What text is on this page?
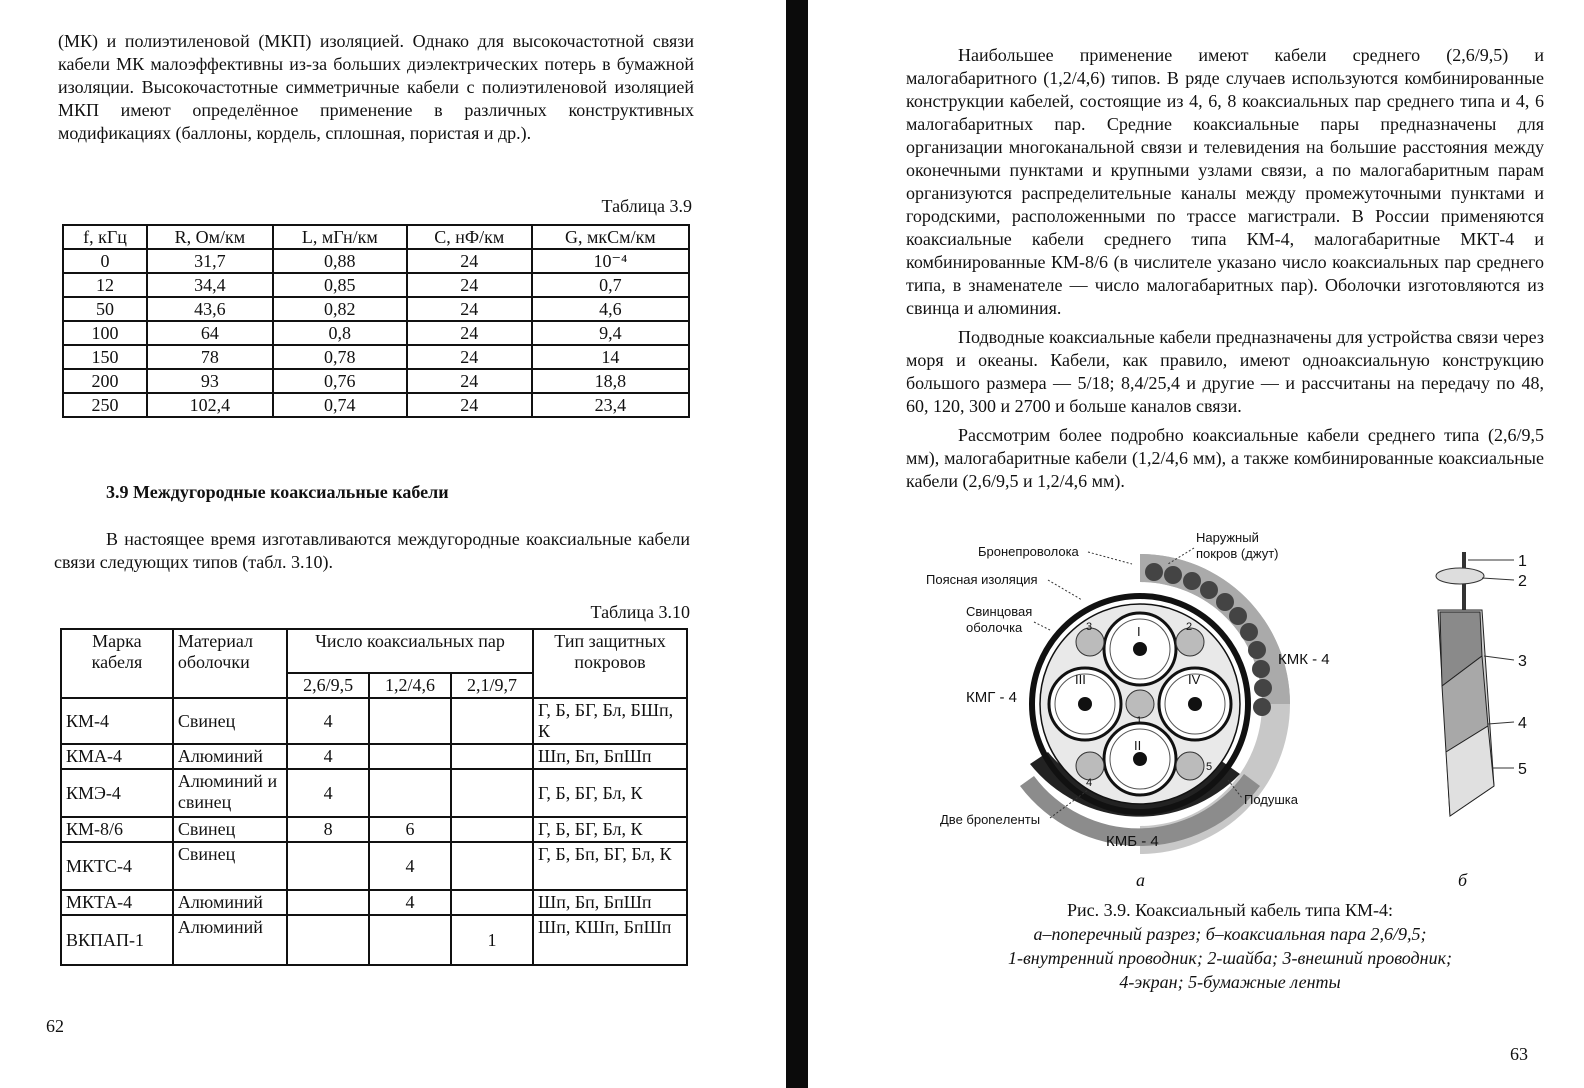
(МК) и полиэтиленовой (МКП) изоляцией. Однако для высокочастотной связи кабели МК малоэффективны из-за больших диэлектрических потерь в бумажной изоляции. Высокочастотные симметричные кабели с полиэтиленовой изоляцией МКП имеют определённое применение в различных конструктивных модификациях (баллоны, кордель, сплошная, пористая и др.).

Таблица 3.9
f, кГц	R, Ом/км	L, мГн/км	C, нФ/км	G, мкСм/км
0	31,7	0,88	24	10⁻⁴
12	34,4	0,85	24	0,7
50	43,6	0,82	24	4,6
100	64	0,8	24	9,4
150	78	0,78	24	14
200	93	0,76	24	18,8
250	102,4	0,74	24	23,4
3.9 Междугородные коаксиальные кабели

В настоящее время изготавливаются междугородные коаксиальные кабели связи следующих типов (табл. 3.10).

Таблица 3.10
Марка кабеля	Материал оболочки	Число коаксиальных пар			Тип защитных покровов
		2,6/9,5	1,2/4,6	2,1/9,7	
КМ-4	Свинец	4			Г, Б, БГ, Бл, БШп, К
КМА-4	Алюминий	4			Шп, Бп, БпШп
КМЭ-4	Алюминий и свинец	4			Г, Б, БГ, Бл, К
КМ-8/6	Свинец	8	6		Г, Б, БГ, Бл, К
МКТС-4	Свинец		4		Г, Б, Бп, БГ, Бл, К
МКТА-4	Алюминий		4		Шп, Бп, БпШп
ВКПАП-1	Алюминий			1	Шп, КШп, БпШп
62

Наибольшее применение имеют кабели среднего (2,6/9,5) и малогабаритного (1,2/4,6) типов. В ряде случаев используются комбинированные конструкции кабелей, состоящие из 4, 6, 8 коаксиальных пар среднего типа и 4, 6 малогабаритных пар. Средние коаксиальные пары предназначены для организации многоканальной связи и телевидения на большие расстояния между оконечными пунктами и крупными узлами связи, а по малогабаритным парам организуются распределительные каналы между промежуточными пунктами и городскими, расположенными по трассе магистрали. В России применяются коаксиальные кабели среднего типа КМ-4, малогабаритные МКТ-4 и комбинированные КМ-8/6 (в числителе указано число коаксиальных пар среднего типа, в знаменателе — число малогабаритных пар). Оболочки изготовляются из свинца и алюминия.

Подводные коаксиальные кабели предназначены для устройства связи через моря и океаны. Кабели, как правило, имеют одноаксиальную конструкцию большого размера — 5/18; 8,4/25,4 и другие — и рассчитаны на передачу по 48, 60, 120, 300 и 2700 и больше каналов связи.

Рассмотрим более подробно коаксиальные кабели среднего типа (2,6/9,5 мм), малогабаритные кабели (1,2/4,6 мм), а также комбинированные коаксиальные кабели (2,6/9,5 и 1,2/4,6 мм).

I
II
III	IV
3	2
4
5
1
Бронепроволока
Наружный
покров (джут)
Поясная изоляция
Свинцовая
оболочка
КМК - 4
КМГ - 4
Подушка
Две броneленты
КМБ - 4
1
2
3
4
5
а	б
Рис. 3.9. Коаксиальный кабель типа КМ-4:
а–поперечный разрез; б–коаксиальная пара 2,6/9,5;
1-внутренний проводник; 2-шайба; 3-внешний проводник;
4-экран; 5-бумажные ленты
63
